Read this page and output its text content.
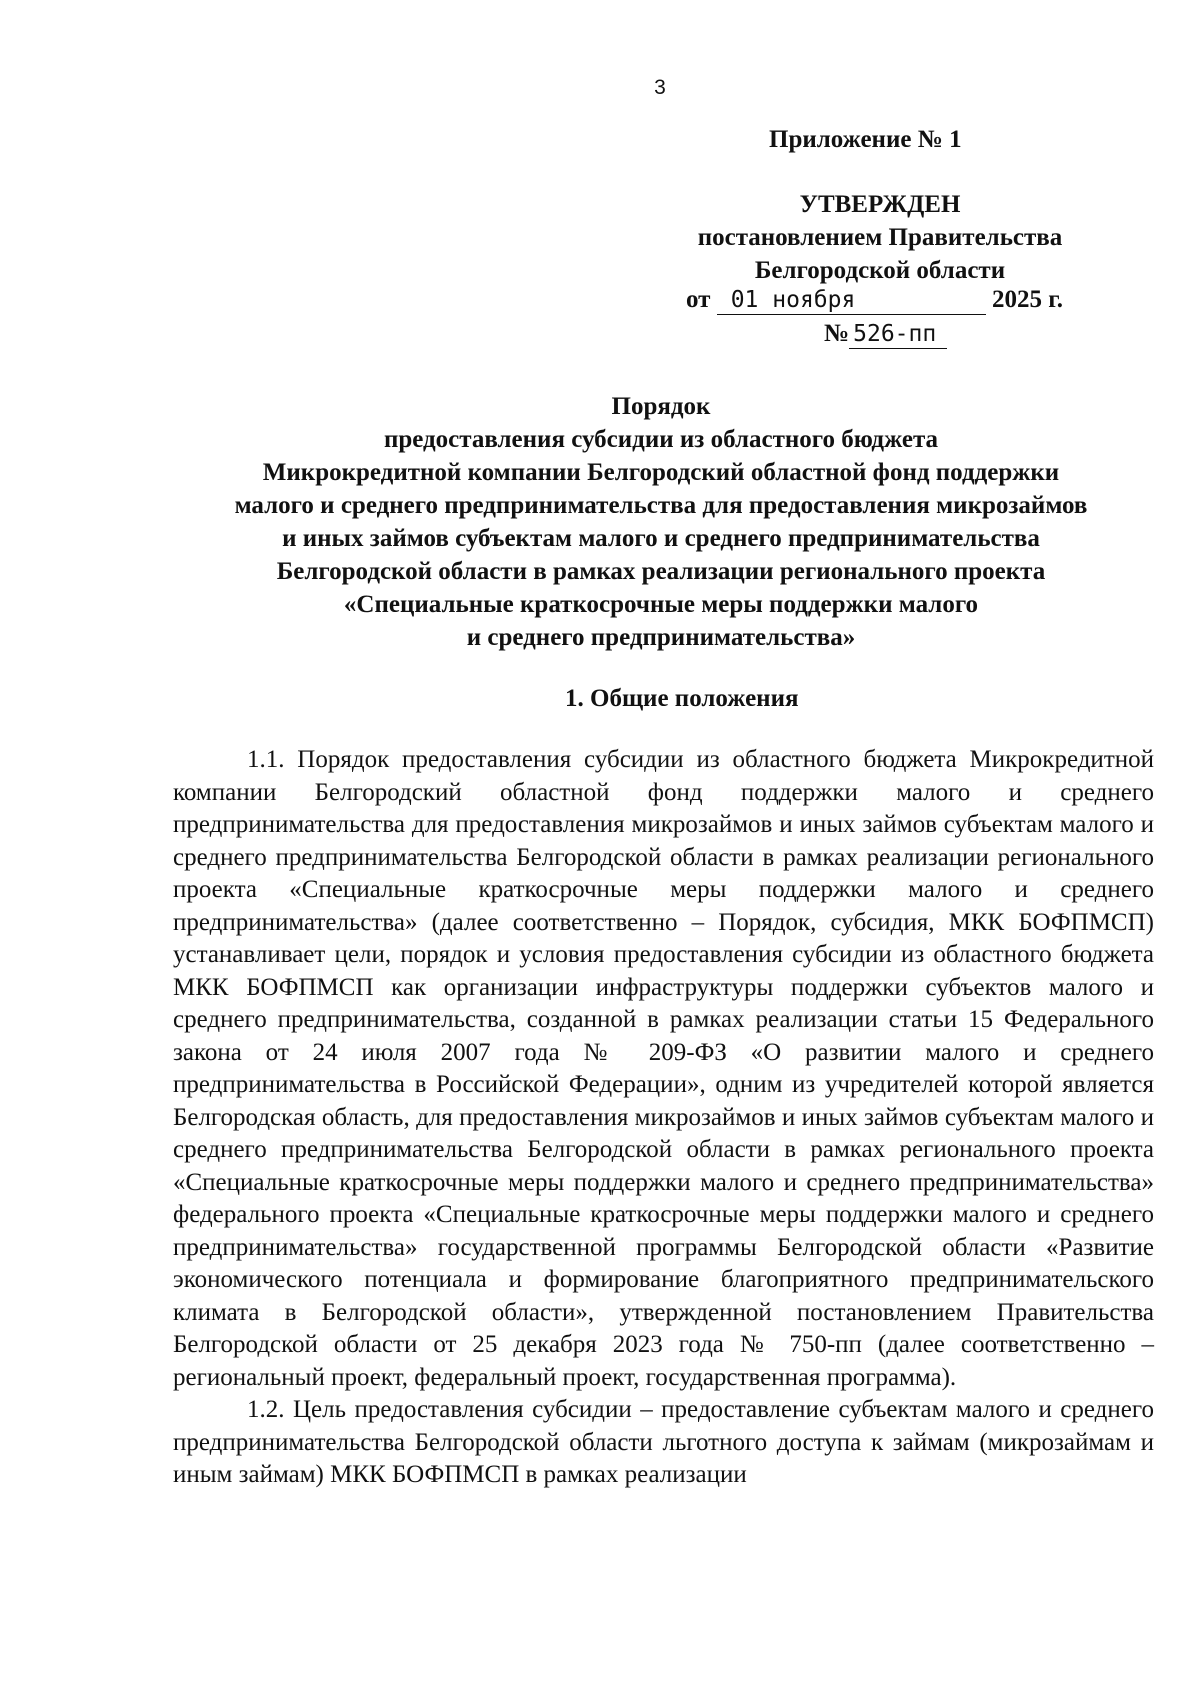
3
Приложение № 1
УТВЕРЖДЕН
постановлением Правительства
Белгородской области
от 01 ноября	2025 г.
№ 526-пп
Порядок
предоставления субсидии из областного бюджета
Микрокредитной компании Белгородский областной фонд поддержки
малого и среднего предпринимательства для предоставления микрозаймов
и иных займов субъектам малого и среднего предпринимательства
Белгородской области в рамках реализации регионального проекта
«Специальные краткосрочные меры поддержки малого
и среднего предпринимательства»
1. Общие положения

1.1. Порядок предоставления субсидии из областного бюджета Микрокредитной компании Белгородский областной фонд поддержки малого и среднего предпринимательства для предоставления микрозаймов и иных займов субъектам малого и среднего предпринимательства Белгородской области в рамках реализации регионального проекта «Специальные краткосрочные меры поддержки малого и среднего предпринимательства» (далее соответственно – Порядок, субсидия, МКК БОФПМСП) устанавливает цели, порядок и условия предоставления субсидии из областного бюджета МКК БОФПМСП как организации инфраструктуры поддержки субъектов малого и среднего предпринимательства, созданной в рамках реализации статьи 15 Федерального закона от 24 июля 2007 года № 209-ФЗ «О развитии малого и среднего предпринимательства в Российской Федерации», одним из учредителей которой является Белгородская область, для предоставления микрозаймов и иных займов субъектам малого и среднего предпринимательства Белгородской области в рамках регионального проекта «Специальные краткосрочные меры поддержки малого и среднего предпринимательства» федерального проекта «Специальные краткосрочные меры поддержки малого и среднего предпринимательства» государственной программы Белгородской области «Развитие экономического потенциала и формирование благоприятного предпринимательского климата в Белгородской области», утвержденной постановлением Правительства Белгородской области от 25 декабря 2023 года № 750-пп (далее соответственно – региональный проект, федеральный проект, государственная программа).

1.2. Цель предоставления субсидии – предоставление субъектам малого и среднего предпринимательства Белгородской области льготного доступа к займам (микрозаймам и иным займам) МКК БОФПМСП в рамках реализации
